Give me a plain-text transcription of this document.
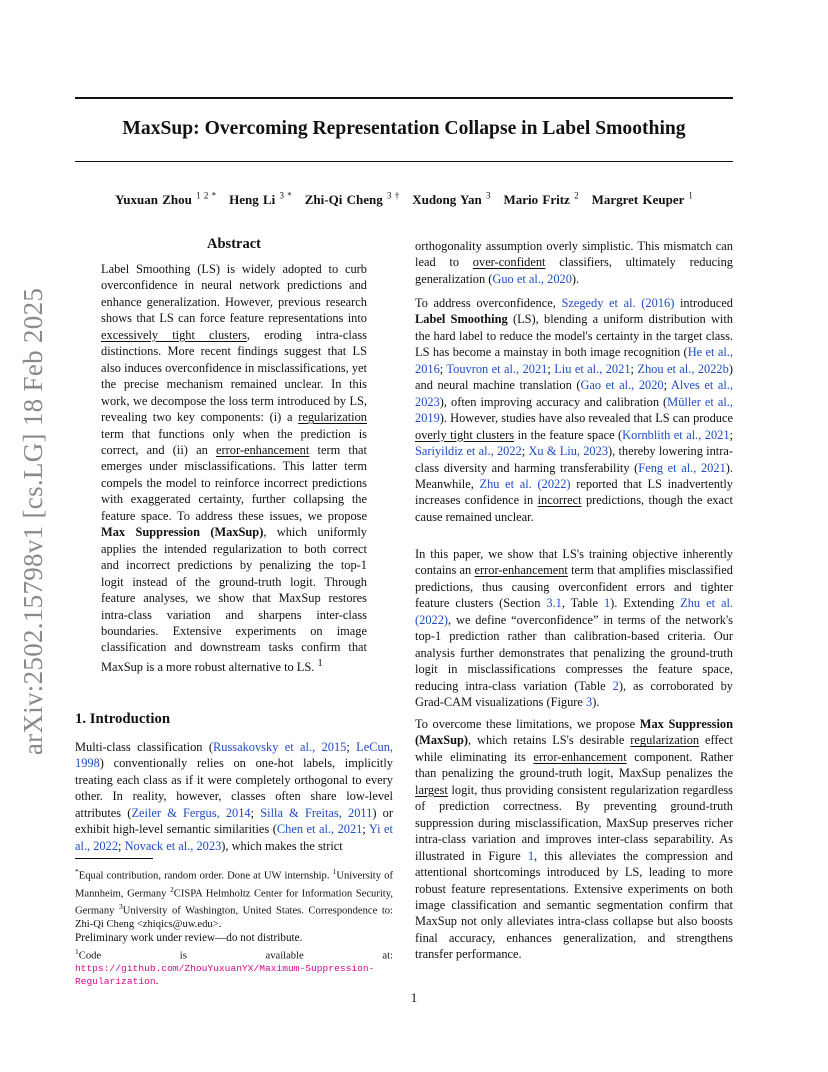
arXiv:2502.15798v1 [cs.LG] 18 Feb 2025
MaxSup: Overcoming Representation Collapse in Label Smoothing
Yuxuan Zhou $^{1 2 *}$  Heng Li $^{3 *}$  Zhi-Qi Cheng $^{3 \dagger}$  Xudong Yan $^3$  Mario Fritz $^2$  Margret Keuper $^1$
Abstract
Label Smoothing (LS) is widely adopted to curb overconfidence in neural network predictions and enhance generalization. However, previous research shows that LS can force feature representations into excessively tight clusters, eroding intra-class distinctions. More recent findings suggest that LS also induces overconfidence in misclassifications, yet the precise mechanism remained unclear. In this work, we decompose the loss term introduced by LS, revealing two key components: (i) a regularization term that functions only when the prediction is correct, and (ii) an error-enhancement term that emerges under misclassifications. This latter term compels the model to reinforce incorrect predictions with exaggerated certainty, further collapsing the feature space. To address these issues, we propose Max Suppression (MaxSup), which uniformly applies the intended regularization to both correct and incorrect predictions by penalizing the top-1 logit instead of the ground-truth logit. Through feature analyses, we show that MaxSup restores intra-class variation and sharpens inter-class boundaries. Extensive experiments on image classification and downstream tasks confirm that MaxSup is a more robust alternative to LS. $^1$
1. Introduction
Multi-class classification (Russakovsky et al., 2015; LeCun, 1998) conventionally relies on one-hot labels, implicitly treating each class as if it were completely orthogonal to every other. In reality, however, classes often share low-level attributes (Zeiler & Fergus, 2014; Silla & Freitas, 2011) or exhibit high-level semantic similarities (Chen et al., 2021; Yi et al., 2022; Novack et al., 2023), which makes the strict
*Equal contribution, random order. Done at UW internship. $^1$University of Mannheim, Germany $^2$CISPA Helmholtz Center for Information Security, Germany $^3$University of Washington, United States. Correspondence to: Zhi-Qi Cheng <zhiqics@uw.edu>.
Preliminary work under review—do not distribute.
$^1$Code is available at: https://github.com/ZhouYuxuanYX/Maximum-Suppression-Regularization.
orthogonality assumption overly simplistic. This mismatch can lead to over-confident classifiers, ultimately reducing generalization (Guo et al., 2020).
To address overconfidence, Szegedy et al. (2016) introduced Label Smoothing (LS), blending a uniform distribution with the hard label to reduce the model's certainty in the target class. LS has become a mainstay in both image recognition (He et al., 2016; Touvron et al., 2021; Liu et al., 2021; Zhou et al., 2022b) and neural machine translation (Gao et al., 2020; Alves et al., 2023), often improving accuracy and calibration (Müller et al., 2019). However, studies have also revealed that LS can produce overly tight clusters in the feature space (Kornblith et al., 2021; Sariyildiz et al., 2022; Xu & Liu, 2023), thereby lowering intra-class diversity and harming transferability (Feng et al., 2021). Meanwhile, Zhu et al. (2022) reported that LS inadvertently increases confidence in incorrect predictions, though the exact cause remained unclear.
In this paper, we show that LS's training objective inherently contains an error-enhancement term that amplifies misclassified predictions, thus causing overconfident errors and tighter feature clusters (Section 3.1, Table 1). Extending Zhu et al. (2022), we define “overconfidence” in terms of the network's top-1 prediction rather than calibration-based criteria. Our analysis further demonstrates that penalizing the ground-truth logit in misclassifications compresses the feature space, reducing intra-class variation (Table 2), as corroborated by Grad-CAM visualizations (Figure 3).
To overcome these limitations, we propose Max Suppression (MaxSup), which retains LS's desirable regularization effect while eliminating its error-enhancement component. Rather than penalizing the ground-truth logit, MaxSup penalizes the largest logit, thus providing consistent regularization regardless of prediction correctness. By preventing ground-truth suppression during misclassification, MaxSup preserves richer intra-class variation and improves inter-class separability. As illustrated in Figure 1, this alleviates the compression and attentional shortcomings introduced by LS, leading to more robust feature representations. Extensive experiments on both image classification and semantic segmentation confirm that MaxSup not only alleviates intra-class collapse but also boosts final accuracy, enhances generalization, and strengthens transfer performance.
1
